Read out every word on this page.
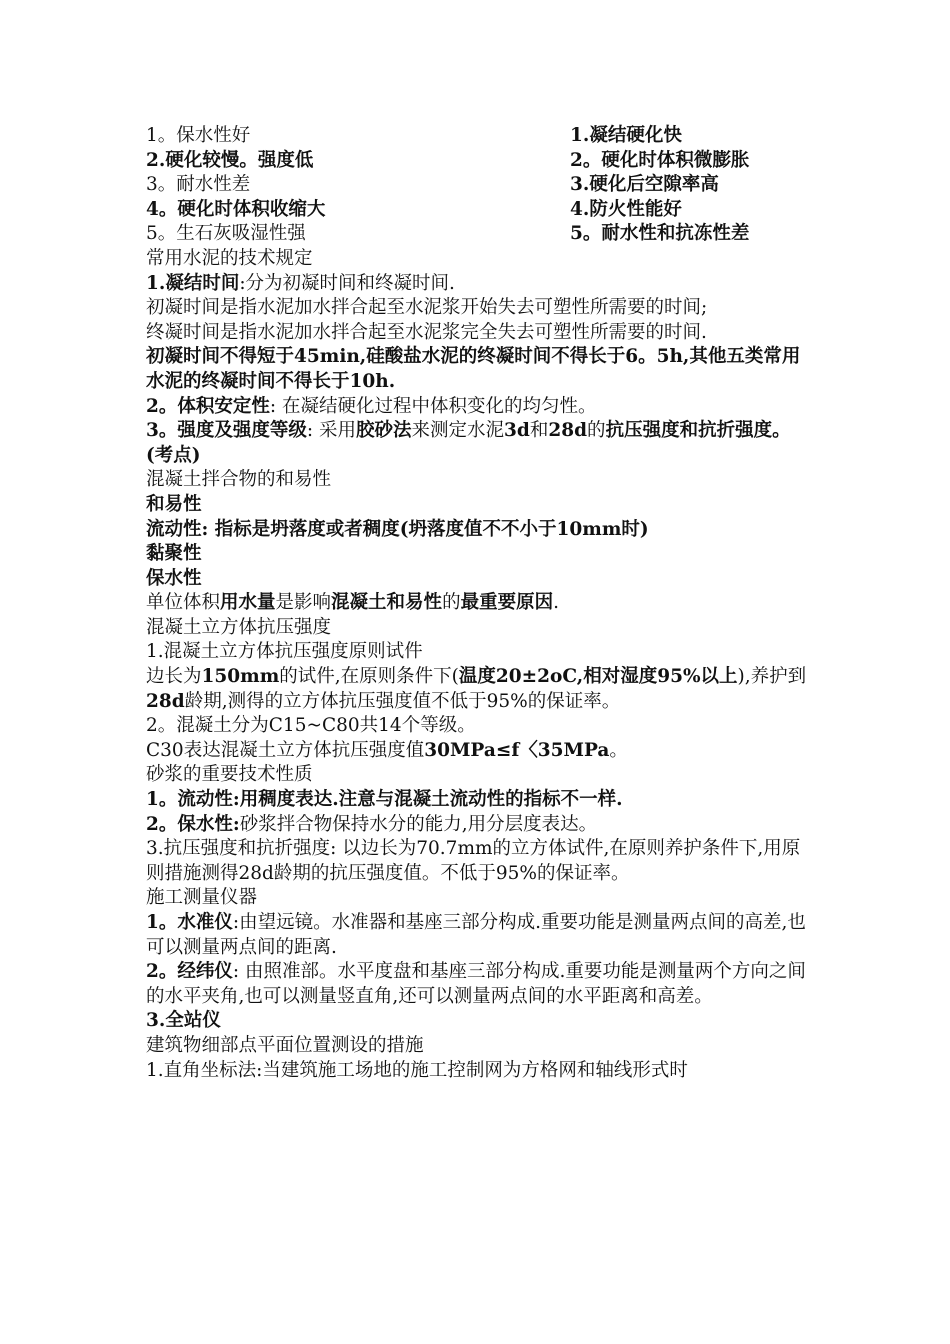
1。保水性好
2.硬化较慢。强度低
3。耐水性差
4。硬化时体积收缩大
5。生石灰吸湿性强
1.凝结硬化快
2。硬化时体积微膨胀
3.硬化后空隙率高
4.防火性能好
5。耐水性和抗冻性差

常用水泥的技术规定

1.凝结时间:分为初凝时间和终凝时间.

初凝时间是指水泥加水拌合起至水泥浆开始失去可塑性所需要的时间;

终凝时间是指水泥加水拌合起至水泥浆完全失去可塑性所需要的时间.

初凝时间不得短于45min,硅酸盐水泥的终凝时间不得长于6。5h,其他五类常用水泥的终凝时间不得长于10h.

2。体积安定性: 在凝结硬化过程中体积变化的均匀性。

3。强度及强度等级: 采用胶砂法来测定水泥3d和28d的抗压强度和抗折强度。(考点)

混凝土拌合物的和易性

和易性

流动性: 指标是坍落度或者稠度(坍落度值不不小于10mm时)

黏聚性

保水性

单位体积用水量是影响混凝土和易性的最重要原因.

混凝土立方体抗压强度

1.混凝土立方体抗压强度原则试件

边长为150mm的试件,在原则条件下(温度20±2oC,相对湿度95%以上),养护到28d龄期,测得的立方体抗压强度值不低于95%的保证率。

2。混凝土分为C15~C80共14个等级。

C30表达混凝土立方体抗压强度值30MPa≤f〈35MPa。

砂浆的重要技术性质

1。流动性:用稠度表达.注意与混凝土流动性的指标不一样.

2。保水性:砂浆拌合物保持水分的能力,用分层度表达。

3.抗压强度和抗折强度: 以边长为70.7mm的立方体试件,在原则养护条件下,用原则措施测得28d龄期的抗压强度值。不低于95%的保证率。

施工测量仪器

1。水准仪:由望远镜。水准器和基座三部分构成.重要功能是测量两点间的高差,也可以测量两点间的距离.

2。经纬仪: 由照准部。水平度盘和基座三部分构成.重要功能是测量两个方向之间的水平夹角,也可以测量竖直角,还可以测量两点间的水平距离和高差。

3.全站仪

建筑物细部点平面位置测设的措施

1.直角坐标法:当建筑施工场地的施工控制网为方格网和轴线形式时
